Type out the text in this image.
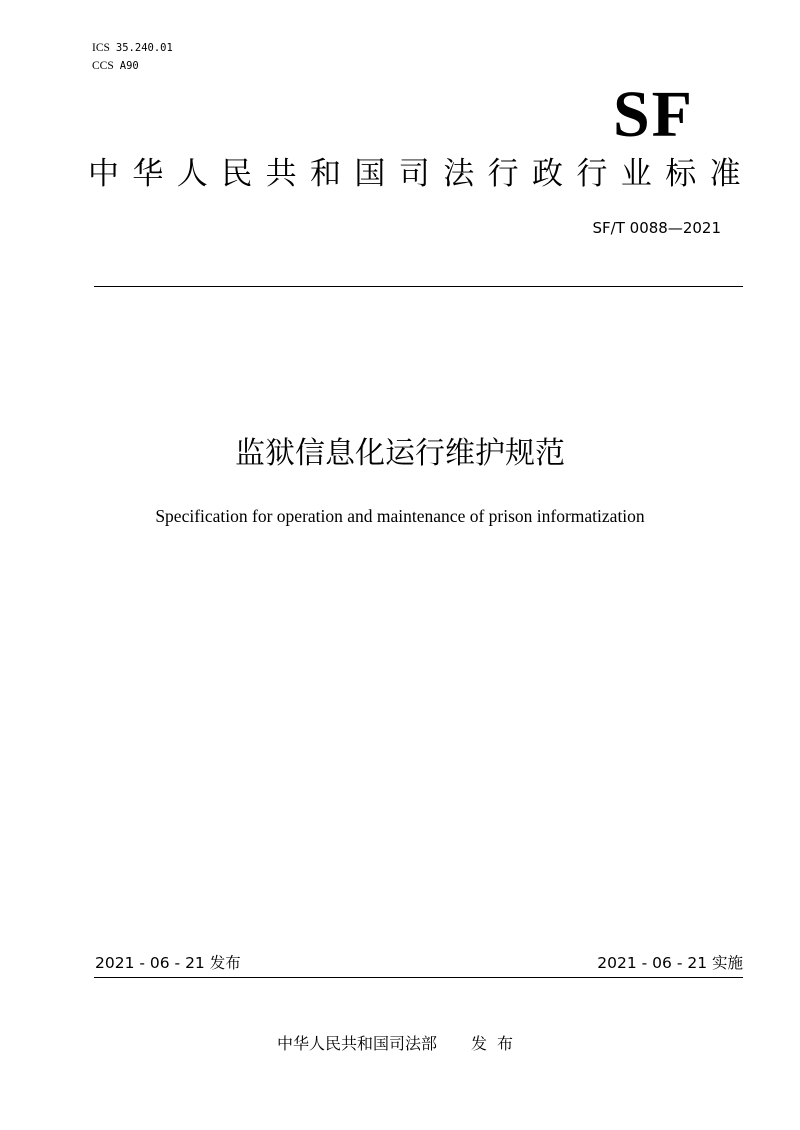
ICS 35.240.01
CCS A90
SF
中华人民共和国司法行政行业标准
SF/T 0088—2021
监狱信息化运行维护规范
Specification for operation and maintenance of prison informatization
2021 - 06 - 21 发布	2021 - 06 - 21 实施
中华人民共和国司法部 发布
